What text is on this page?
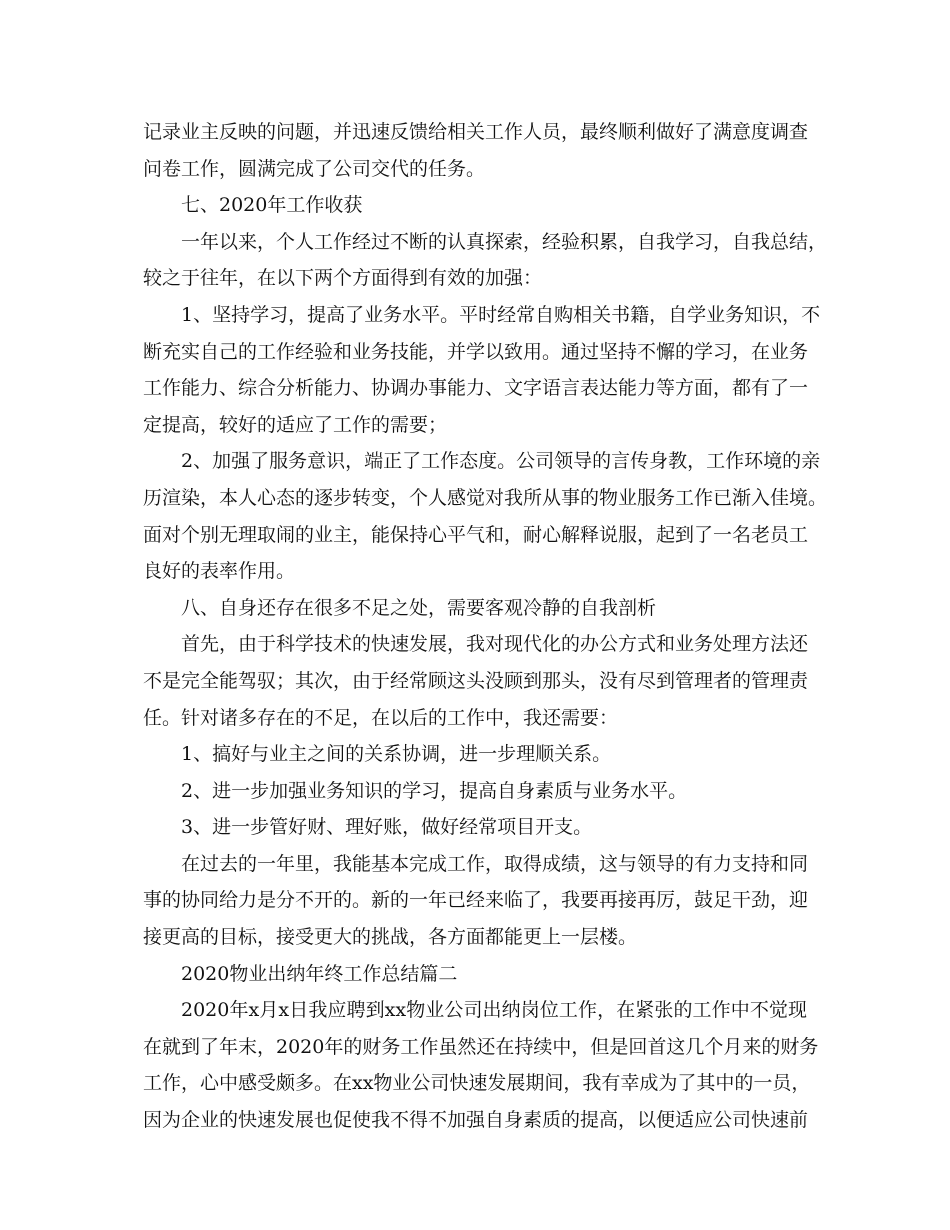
记录业主反映的问题，并迅速反馈给相关工作人员，最终顺利做好了满意度调查
问卷工作，圆满完成了公司交代的任务。
七、2020年工作收获
一年以来，个人工作经过不断的认真探索，经验积累，自我学习，自我总结，
较之于往年，在以下两个方面得到有效的加强：
1、坚持学习，提高了业务水平。平时经常自购相关书籍，自学业务知识，不
断充实自己的工作经验和业务技能，并学以致用。通过坚持不懈的学习，在业务
工作能力、综合分析能力、协调办事能力、文字语言表达能力等方面，都有了一
定提高，较好的适应了工作的需要；
2、加强了服务意识，端正了工作态度。公司领导的言传身教，工作环境的亲
历渲染，本人心态的逐步转变，个人感觉对我所从事的物业服务工作已渐入佳境。
面对个别无理取闹的业主，能保持心平气和，耐心解释说服，起到了一名老员工
良好的表率作用。
八、自身还存在很多不足之处，需要客观冷静的自我剖析
首先，由于科学技术的快速发展，我对现代化的办公方式和业务处理方法还
不是完全能驾驭；其次，由于经常顾这头没顾到那头，没有尽到管理者的管理责
任。针对诸多存在的不足，在以后的工作中，我还需要：
1、搞好与业主之间的关系协调，进一步理顺关系。
2、进一步加强业务知识的学习，提高自身素质与业务水平。
3、进一步管好财、理好账，做好经常项目开支。
在过去的一年里，我能基本完成工作，取得成绩，这与领导的有力支持和同
事的协同给力是分不开的。新的一年已经来临了，我要再接再厉，鼓足干劲，迎
接更高的目标，接受更大的挑战，各方面都能更上一层楼。
2020物业出纳年终工作总结篇二
2020年x月x日我应聘到xx物业公司出纳岗位工作，在紧张的工作中不觉现
在就到了年末，2020年的财务工作虽然还在持续中，但是回首这几个月来的财务
工作，心中感受颇多。在xx物业公司快速发展期间，我有幸成为了其中的一员，
因为企业的快速发展也促使我不得不加强自身素质的提高，以便适应公司快速前
